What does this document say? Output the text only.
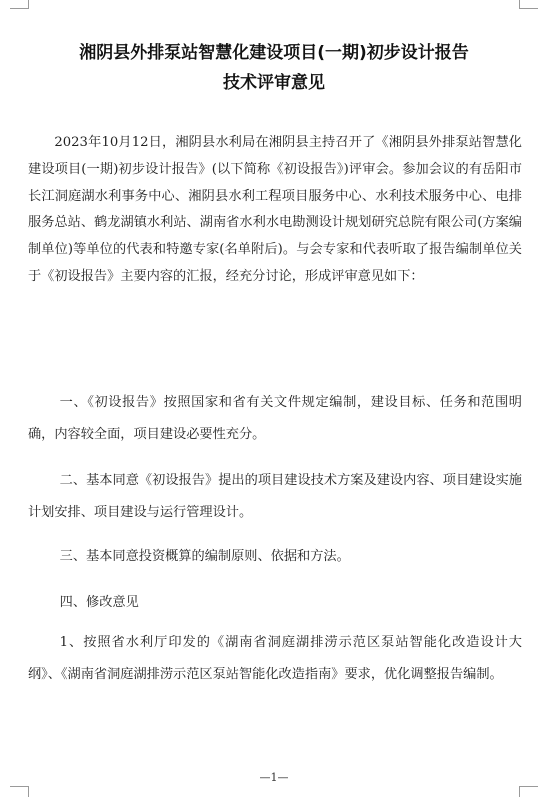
湘阴县外排泵站智慧化建设项目(一期)初步设计报告
技术评审意见
2023年10月12日，湘阴县水利局在湘阴县主持召开了《湘阴县外排泵站智慧化建设项目(一期)初步设计报告》(以下简称《初设报告》)评审会。参加会议的有岳阳市长江洞庭湖水利事务中心、湘阴县水利工程项目服务中心、水利技术服务中心、电排服务总站、鹤龙湖镇水利站、湖南省水利水电勘测设计规划研究总院有限公司(方案编制单位)等单位的代表和特邀专家(名单附后)。与会专家和代表听取了报告编制单位关于《初设报告》主要内容的汇报，经充分讨论，形成评审意见如下：
一、《初设报告》按照国家和省有关文件规定编制，建设目标、任务和范围明确，内容较全面，项目建设必要性充分。
二、基本同意《初设报告》提出的项目建设技术方案及建设内容、项目建设实施计划安排、项目建设与运行管理设计。
三、基本同意投资概算的编制原则、依据和方法。
四、修改意见
1、按照省水利厅印发的《湖南省洞庭湖排涝示范区泵站智能化改造设计大纲》、《湖南省洞庭湖排涝示范区泵站智能化改造指南》要求，优化调整报告编制。
—1—
